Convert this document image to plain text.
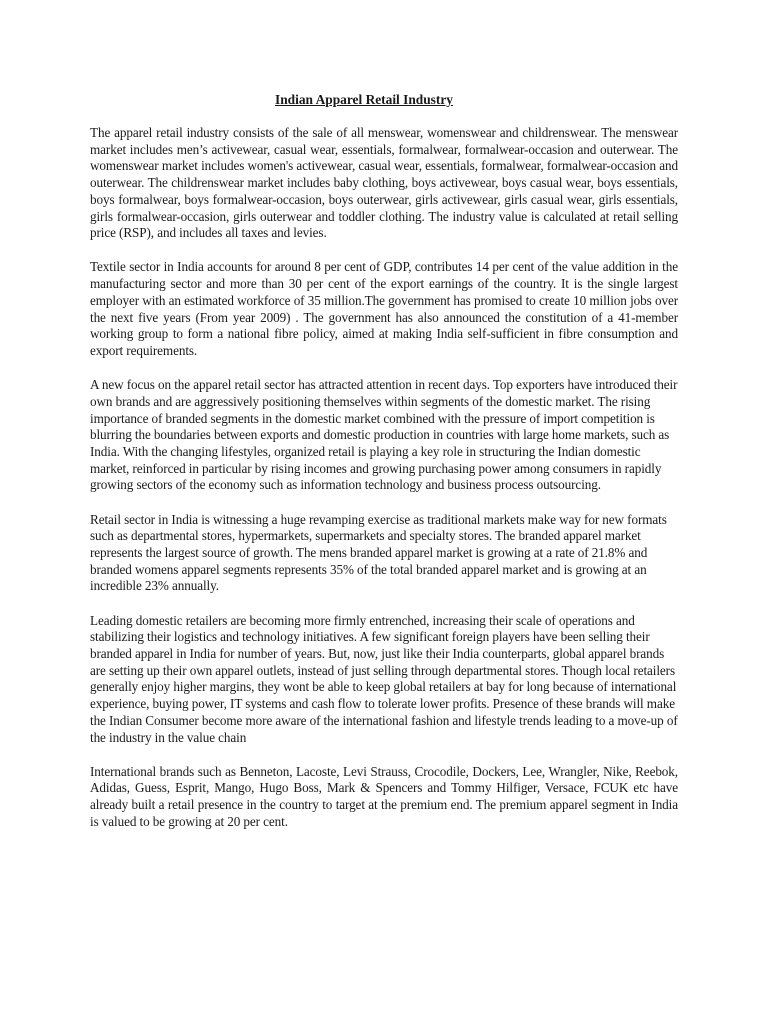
Indian Apparel Retail Industry

The apparel retail industry consists of the sale of all menswear, womenswear and childrenswear. The menswear market includes men’s activewear, casual wear, essentials, formalwear, formalwear-occasion and outerwear. The womenswear market includes women's activewear, casual wear, essentials, formalwear, formalwear-occasion and outerwear. The childrenswear market includes baby clothing, boys activewear, boys casual wear, boys essentials, boys formalwear, boys formalwear-occasion, boys outerwear, girls activewear, girls casual wear, girls essentials, girls formalwear-occasion, girls outerwear and toddler clothing. The industry value is calculated at retail selling price (RSP), and includes all taxes and levies.

Textile sector in India accounts for around 8 per cent of GDP, contributes 14 per cent of the value addition in the manufacturing sector and more than 30 per cent of the export earnings of the country. It is the single largest employer with an estimated workforce of 35 million.The government has promised to create 10 million jobs over the next five years (From year 2009) . The government has also announced the constitution of a 41-member working group to form a national fibre policy, aimed at making India self-sufficient in fibre consumption and export requirements.

A new focus on the apparel retail sector has attracted attention in recent days. Top exporters have introduced their own brands and are aggressively positioning themselves within segments of the domestic market. The rising importance of branded segments in the domestic market combined with the pressure of import competition is blurring the boundaries between exports and domestic production in countries with large home markets, such as India. With the changing lifestyles, organized retail is playing a key role in structuring the Indian domestic market, reinforced in particular by rising incomes and growing purchasing power among consumers in rapidly growing sectors of the economy such as information technology and business process outsourcing.

Retail sector in India is witnessing a huge revamping exercise as traditional markets make way for new formats such as departmental stores, hypermarkets, supermarkets and specialty stores. The branded apparel market represents the largest source of growth. The mens branded apparel market is growing at a rate of 21.8% and branded womens apparel segments represents 35% of the total branded apparel market and is growing at an incredible 23% annually.

Leading domestic retailers are becoming more firmly entrenched, increasing their scale of operations and stabilizing their logistics and technology initiatives. A few significant foreign players have been selling their branded apparel in India for number of years. But, now, just like their India counterparts, global apparel brands are setting up their own apparel outlets, instead of just selling through departmental stores. Though local retailers generally enjoy higher margins, they wont be able to keep global retailers at bay for long because of international experience, buying power, IT systems and cash flow to tolerate lower profits. Presence of these brands will make the Indian Consumer become more aware of the international fashion and lifestyle trends leading to a move-up of the industry in the value chain

International brands such as Benneton, Lacoste, Levi Strauss, Crocodile, Dockers, Lee, Wrangler, Nike, Reebok, Adidas, Guess, Esprit, Mango, Hugo Boss, Mark & Spencers and Tommy Hilfiger, Versace, FCUK etc have already built a retail presence in the country to target at the premium end. The premium apparel segment in India is valued to be growing at 20 per cent.
